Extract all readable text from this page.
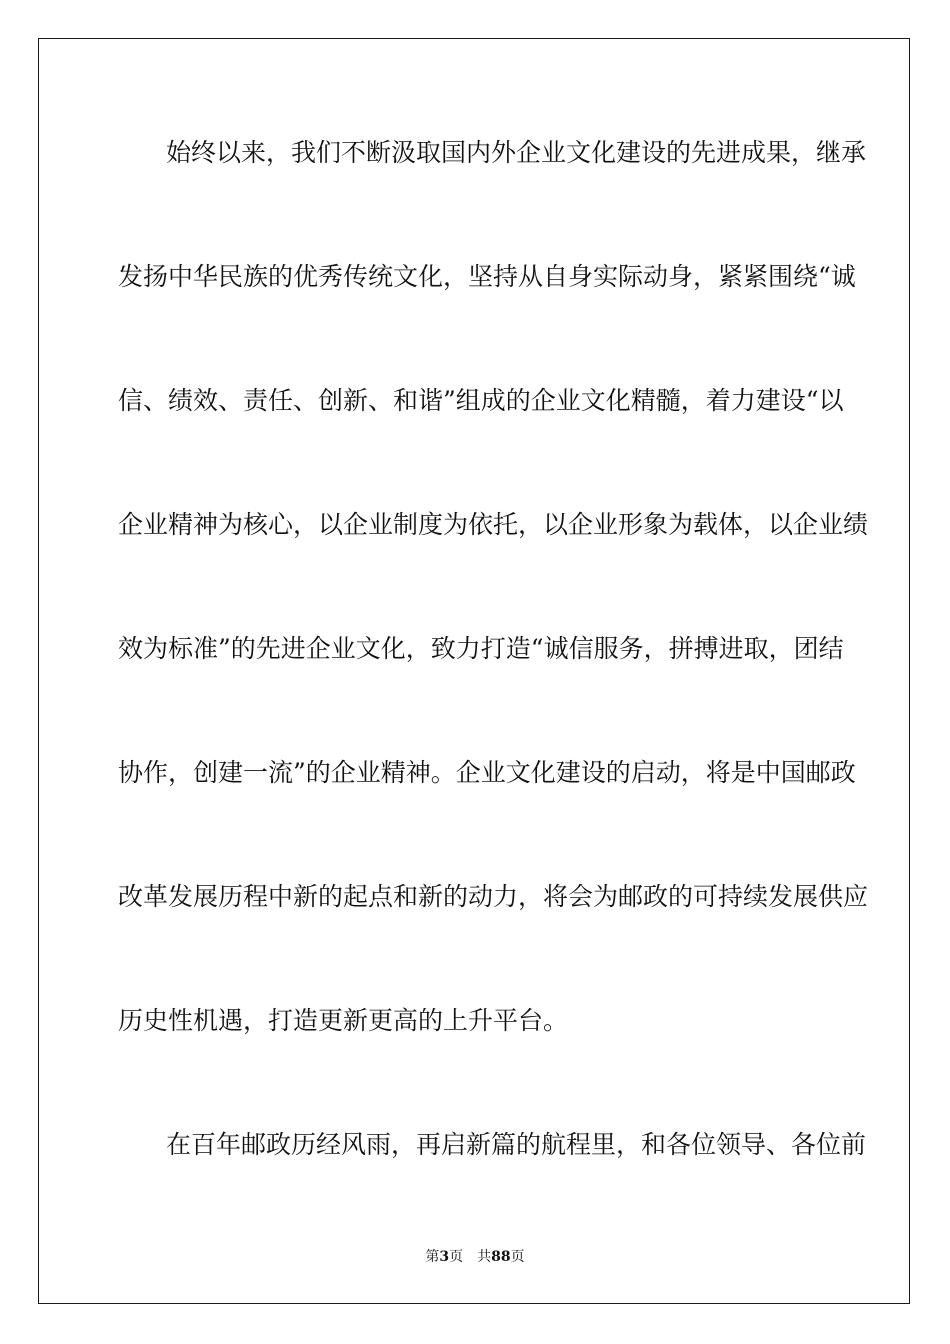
始终以来，我们不断汲取国内外企业文化建设的先进成果，继承
发扬中华民族的优秀传统文化，坚持从自身实际动身，紧紧围绕“诚
信、绩效、责任、创新、和谐”组成的企业文化精髓，着力建设“以
企业精神为核心，以企业制度为依托，以企业形象为载体，以企业绩
效为标准”的先进企业文化，致力打造“诚信服务，拼搏进取，团结
协作，创建一流”的企业精神。企业文化建设的启动，将是中国邮政
改革发展历程中新的起点和新的动力，将会为邮政的可持续发展供应
历史性机遇，打造更新更高的上升平台。
在百年邮政历经风雨，再启新篇的航程里，和各位领导、各位前
第3页 共88页
